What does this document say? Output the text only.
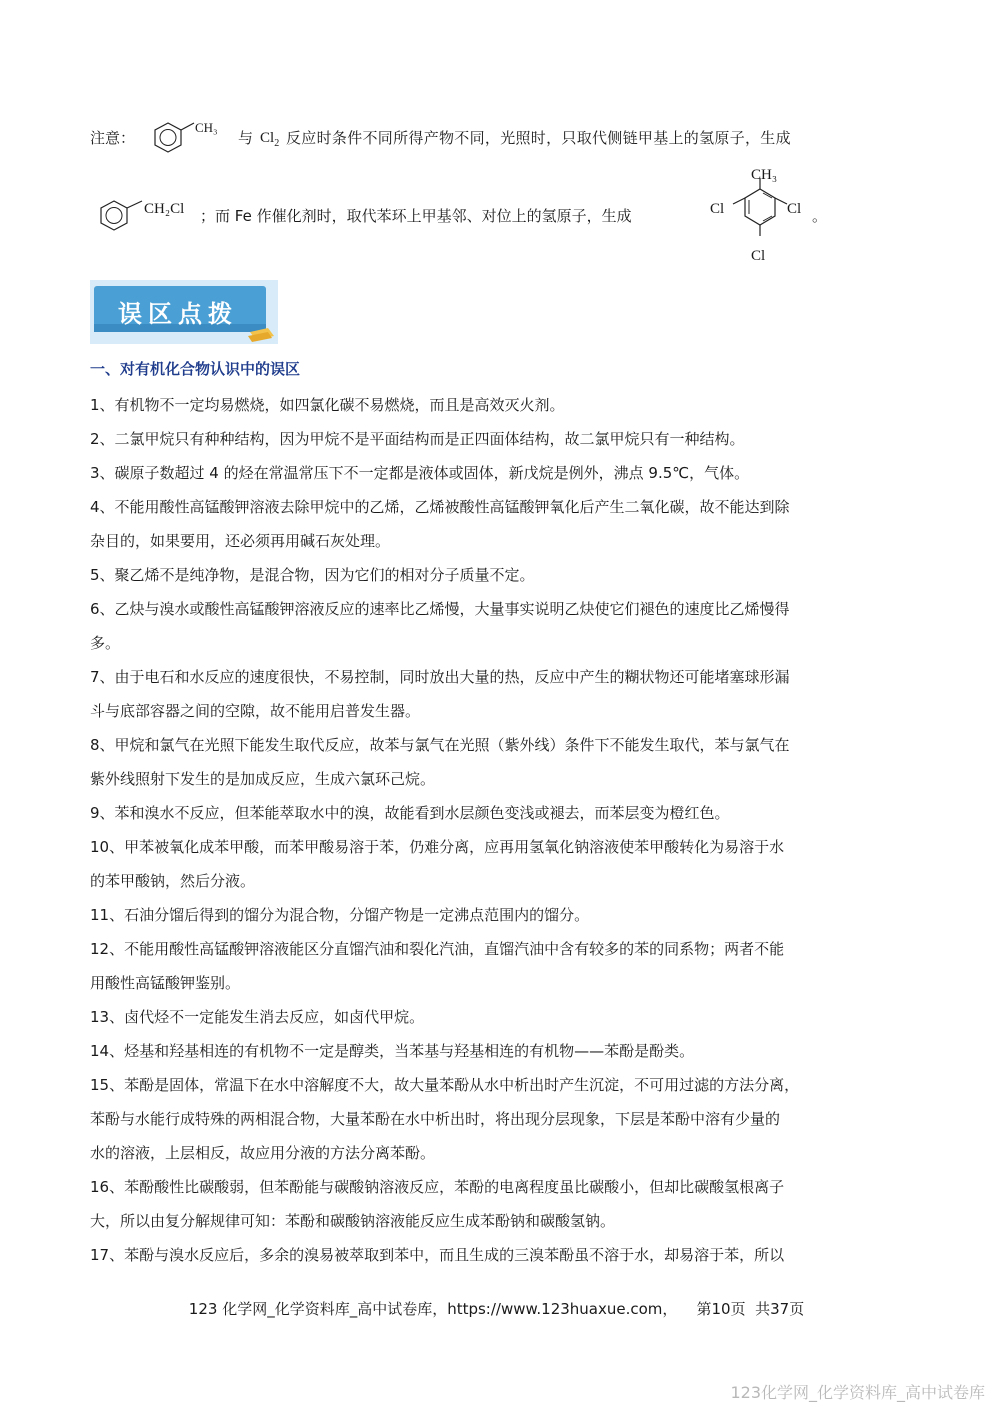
注意：
CH₃
与 $Cl_2$ 反应时条件不同所得产物不同，光照时，只取代侧链甲基上的氢原子，生成
CH₂Cl ；而 Fe 作催化剂时，取代苯环上甲基邻、对位上的氢原子，生成
CH₃
Cl	Cl
Cl
。
误区点拨
一、对有机化合物认识中的误区
1、有机物不一定均易燃烧，如四氯化碳不易燃烧，而且是高效灭火剂。
2、二氯甲烷只有种种结构，因为甲烷不是平面结构而是正四面体结构，故二氯甲烷只有一种结构。
3、碳原子数超过 4 的烃在常温常压下不一定都是液体或固体，新戊烷是例外，沸点 9.5℃，气体。
4、不能用酸性高锰酸钾溶液去除甲烷中的乙烯，乙烯被酸性高锰酸钾氧化后产生二氧化碳，故不能达到除
杂目的，如果要用，还必须再用碱石灰处理。
5、聚乙烯不是纯净物，是混合物，因为它们的相对分子质量不定。
6、乙炔与溴水或酸性高锰酸钾溶液反应的速率比乙烯慢，大量事实说明乙炔使它们褪色的速度比乙烯慢得
多。
7、由于电石和水反应的速度很快，不易控制，同时放出大量的热，反应中产生的糊状物还可能堵塞球形漏
斗与底部容器之间的空隙，故不能用启普发生器。
8、甲烷和氯气在光照下能发生取代反应，故苯与氯气在光照（紫外线）条件下不能发生取代，苯与氯气在
紫外线照射下发生的是加成反应，生成六氯环己烷。
9、苯和溴水不反应，但苯能萃取水中的溴，故能看到水层颜色变浅或褪去，而苯层变为橙红色。
10、甲苯被氧化成苯甲酸，而苯甲酸易溶于苯，仍难分离，应再用氢氧化钠溶液使苯甲酸转化为易溶于水
的苯甲酸钠，然后分液。
11、石油分馏后得到的馏分为混合物，分馏产物是一定沸点范围内的馏分。
12、不能用酸性高锰酸钾溶液能区分直馏汽油和裂化汽油，直馏汽油中含有较多的苯的同系物；两者不能
用酸性高锰酸钾鉴别。
13、卤代烃不一定能发生消去反应，如卤代甲烷。
14、烃基和羟基相连的有机物不一定是醇类，当苯基与羟基相连的有机物——苯酚是酚类。
15、苯酚是固体，常温下在水中溶解度不大，故大量苯酚从水中析出时产生沉淀，不可用过滤的方法分离，
苯酚与水能行成特殊的两相混合物，大量苯酚在水中析出时，将出现分层现象，下层是苯酚中溶有少量的
水的溶液，上层相反，故应用分液的方法分离苯酚。
16、苯酚酸性比碳酸弱，但苯酚能与碳酸钠溶液反应，苯酚的电离程度虽比碳酸小，但却比碳酸氢根离子
大，所以由复分解规律可知：苯酚和碳酸钠溶液能反应生成苯酚钠和碳酸氢钠。
17、苯酚与溴水反应后，多余的溴易被萃取到苯中，而且生成的三溴苯酚虽不溶于水，却易溶于苯，所以
123 化学网_化学资料库_高中试卷库，https://www.123huaxue.com，    第10页  共37页
123化学网_化学资料库_高中试卷库
